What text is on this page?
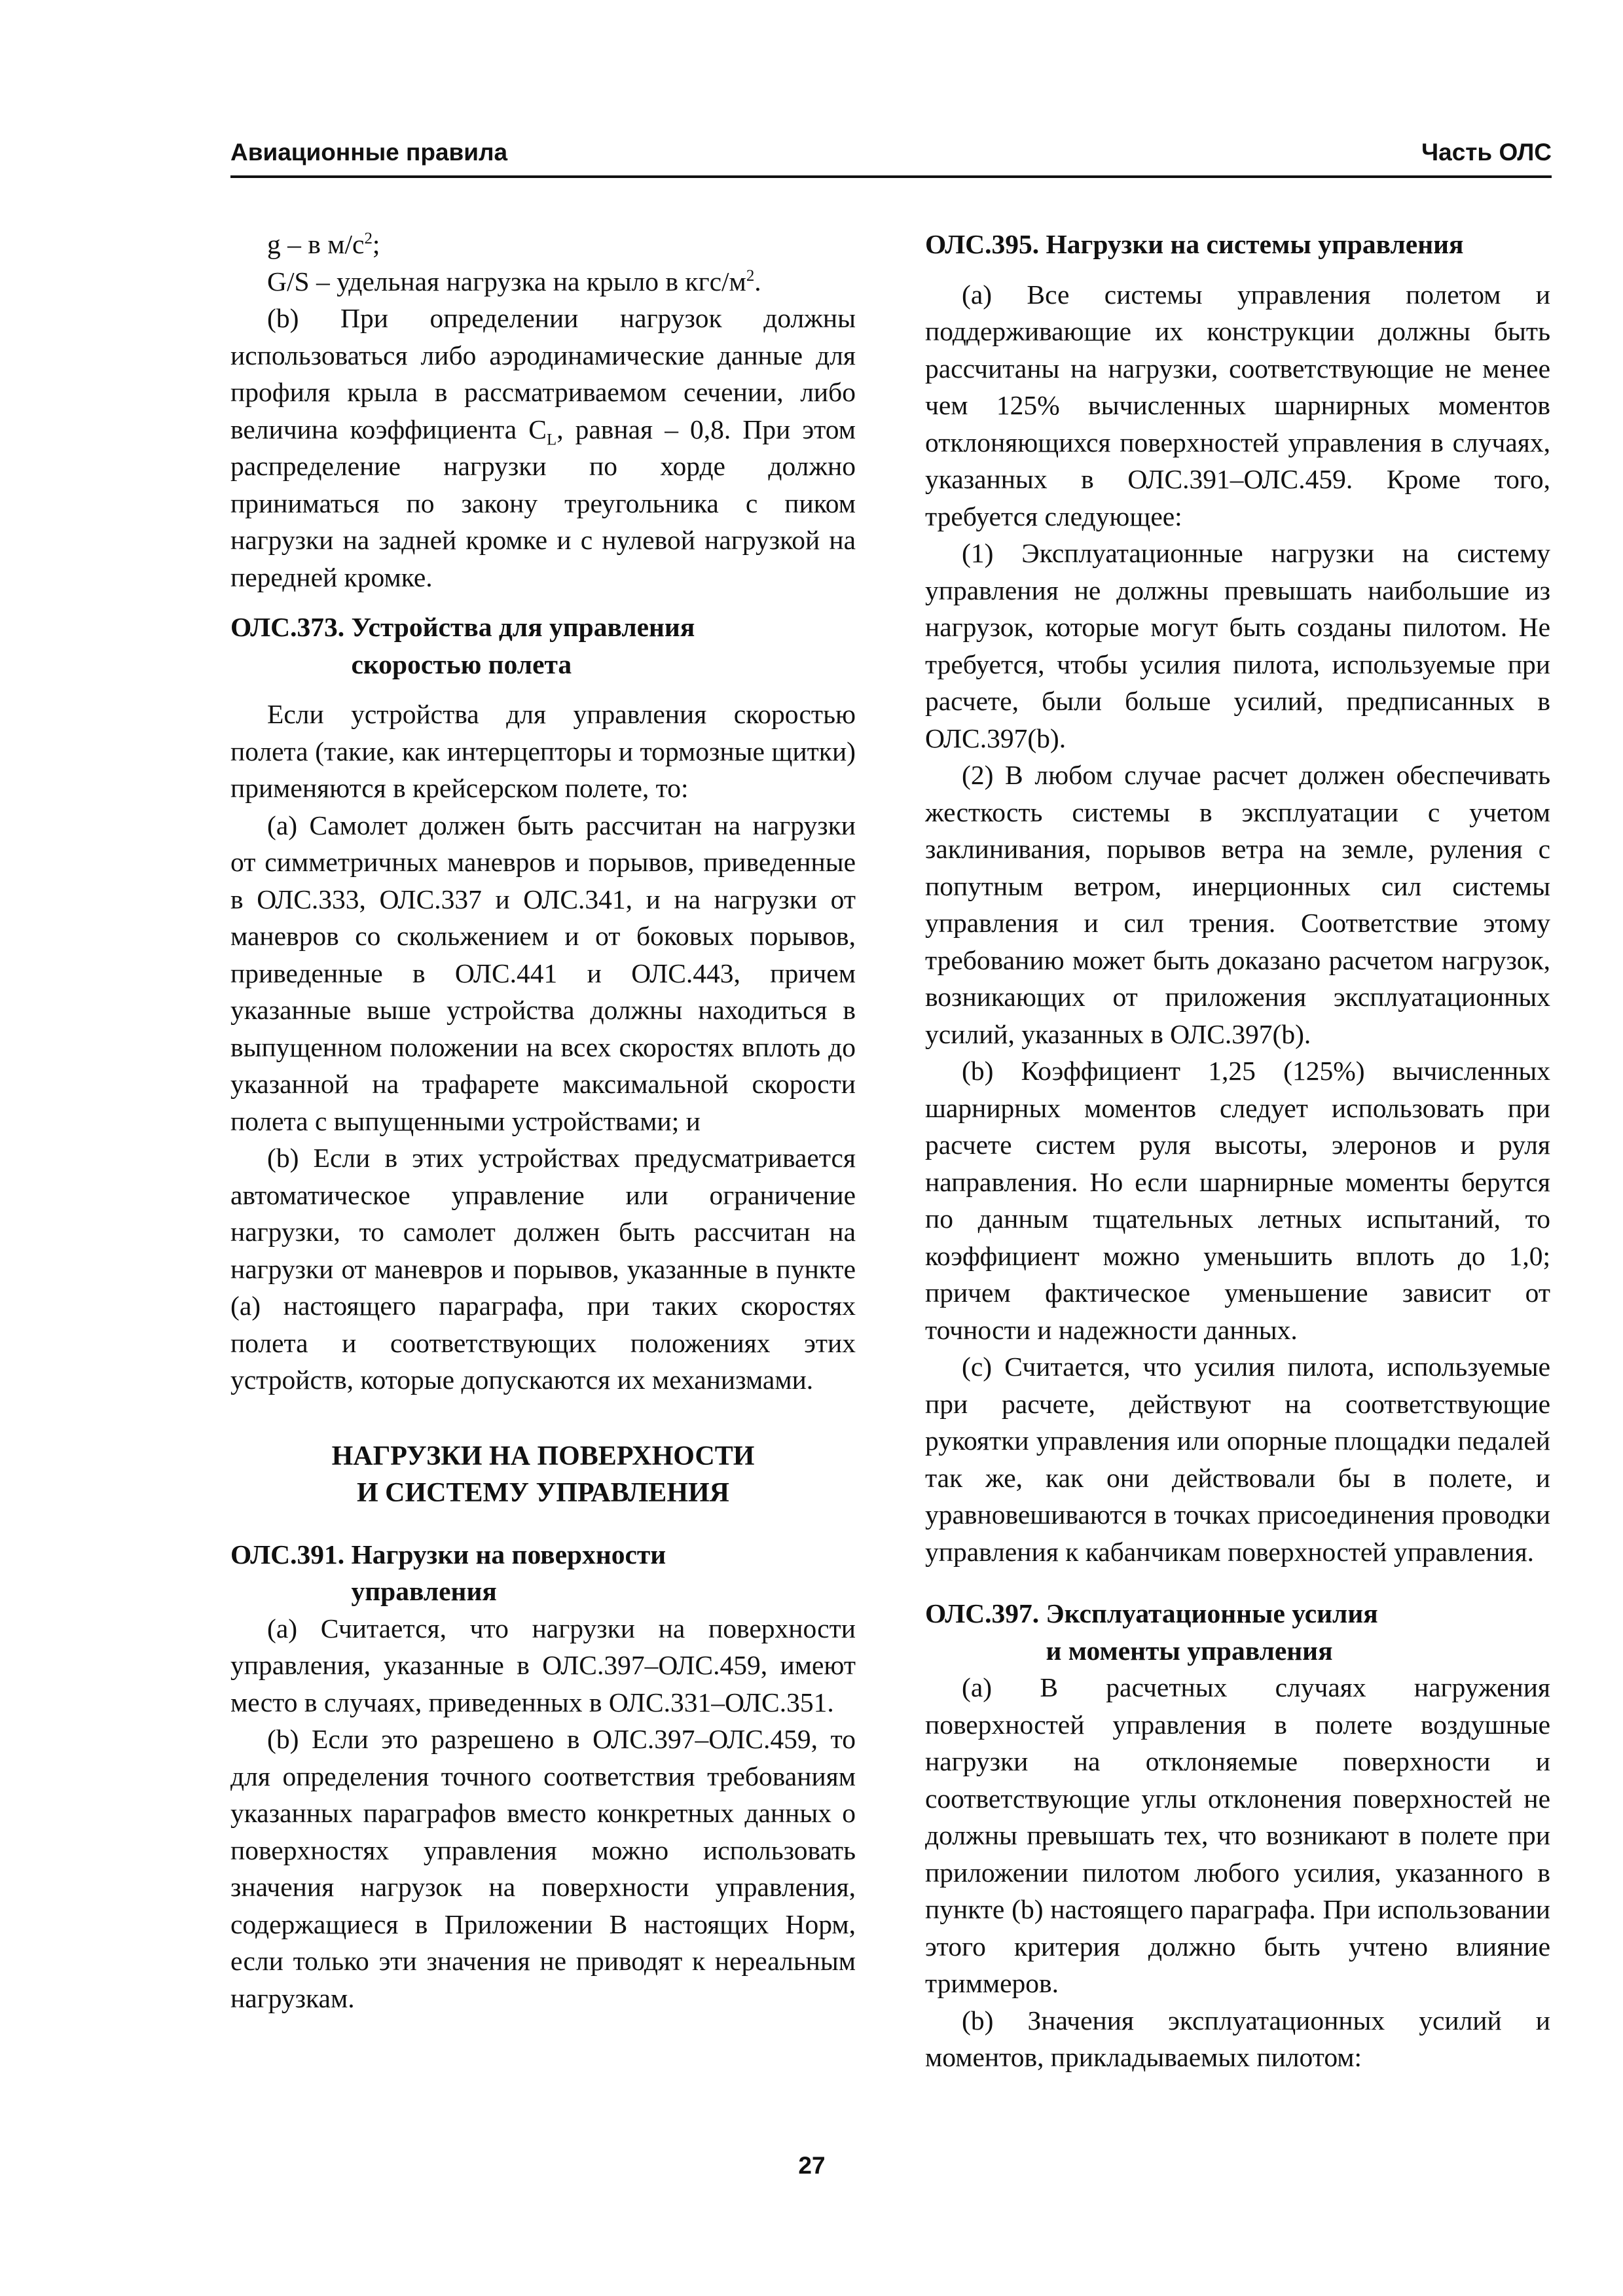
Авиационные правила	Часть ОЛС

g – в $м/с^2$;

G/S – удельная нагрузка на крыло в кгс/$м^2$.

(b) При определении нагрузок должны использоваться либо аэродинамические данные для профиля крыла в рассматриваемом сечении, либо величина коэффициента $C_L$, равная – 0,8. При этом распределение нагрузки по хорде должно приниматься по закону треугольника с пиком нагрузки на задней кромке и с нулевой нагрузкой на передней кромке.

ОЛС.373. Устройства для управления
скоростью полета

Если устройства для управления скоростью полета (такие, как интерцепторы и тормозные щитки) применяются в крейсерском полете, то:

(a) Самолет должен быть рассчитан на нагрузки от симметричных маневров и порывов, приведенные в ОЛС.333, ОЛС.337 и ОЛС.341, и на нагрузки от маневров со скольжением и от боковых порывов, приведенные в ОЛС.441 и ОЛС.443, причем указанные выше устройства должны находиться в выпущенном положении на всех скоростях вплоть до указанной на трафарете максимальной скорости полета с выпущенными устройствами; и

(b) Если в этих устройствах предусматривается автоматическое управление или ограничение нагрузки, то самолет должен быть рассчитан на нагрузки от маневров и порывов, указанные в пункте (a) настоящего параграфа, при таких скоростях полета и соответствующих положениях этих устройств, которые допускаются их механизмами.

НАГРУЗКИ НА ПОВЕРХНОСТИ
И СИСТЕМУ УПРАВЛЕНИЯ
ОЛС.391. Нагрузки на поверхности
управления

(a) Считается, что нагрузки на поверхности управления, указанные в ОЛС.397–ОЛС.459, имеют место в случаях, приведенных в ОЛС.331–ОЛС.351.

(b) Если это разрешено в ОЛС.397–ОЛС.459, то для определения точного соответствия требованиям указанных параграфов вместо конкретных данных о поверхностях управления можно использовать значения нагрузок на поверхности управления, содержащиеся в Приложении B настоящих Норм, если только эти значения не приводят к нереальным нагрузкам.

ОЛС.395. Нагрузки на системы управления

(a) Все системы управления полетом и поддерживающие их конструкции должны быть рассчитаны на нагрузки, соответствующие не менее чем 125% вычисленных шарнирных моментов отклоняющихся поверхностей управления в случаях, указанных в ОЛС.391–ОЛС.459. Кроме того, требуется следующее:

(1) Эксплуатационные нагрузки на систему управления не должны превышать наибольшие из нагрузок, которые могут быть созданы пилотом. Не требуется, чтобы усилия пилота, используемые при расчете, были больше усилий, предписанных в ОЛС.397(b).

(2) В любом случае расчет должен обеспечивать жесткость системы в эксплуатации с учетом заклинивания, порывов ветра на земле, руления с попутным ветром, инерционных сил системы управления и сил трения. Соответствие этому требованию может быть доказано расчетом нагрузок, возникающих от приложения эксплуатационных усилий, указанных в ОЛС.397(b).

(b) Коэффициент 1,25 (125%) вычисленных шарнирных моментов следует использовать при расчете систем руля высоты, элеронов и руля направления. Но если шарнирные моменты берутся по данным тщательных летных испытаний, то коэффициент можно уменьшить вплоть до 1,0; причем фактическое уменьшение зависит от точности и надежности данных.

(c) Считается, что усилия пилота, используемые при расчете, действуют на соответствующие рукоятки управления или опорные площадки педалей так же, как они действовали бы в полете, и уравновешиваются в точках присоединения проводки управления к кабанчикам поверхностей управления.

ОЛС.397. Эксплуатационные усилия
и моменты управления

(a) В расчетных случаях нагружения поверхностей управления в полете воздушные нагрузки на отклоняемые поверхности и соответствующие углы отклонения поверхностей не должны превышать тех, что возникают в полете при приложении пилотом любого усилия, указанного в пункте (b) настоящего параграфа. При использовании этого критерия должно быть учтено влияние триммеров.

(b) Значения эксплуатационных усилий и моментов, прикладываемых пилотом:

27
